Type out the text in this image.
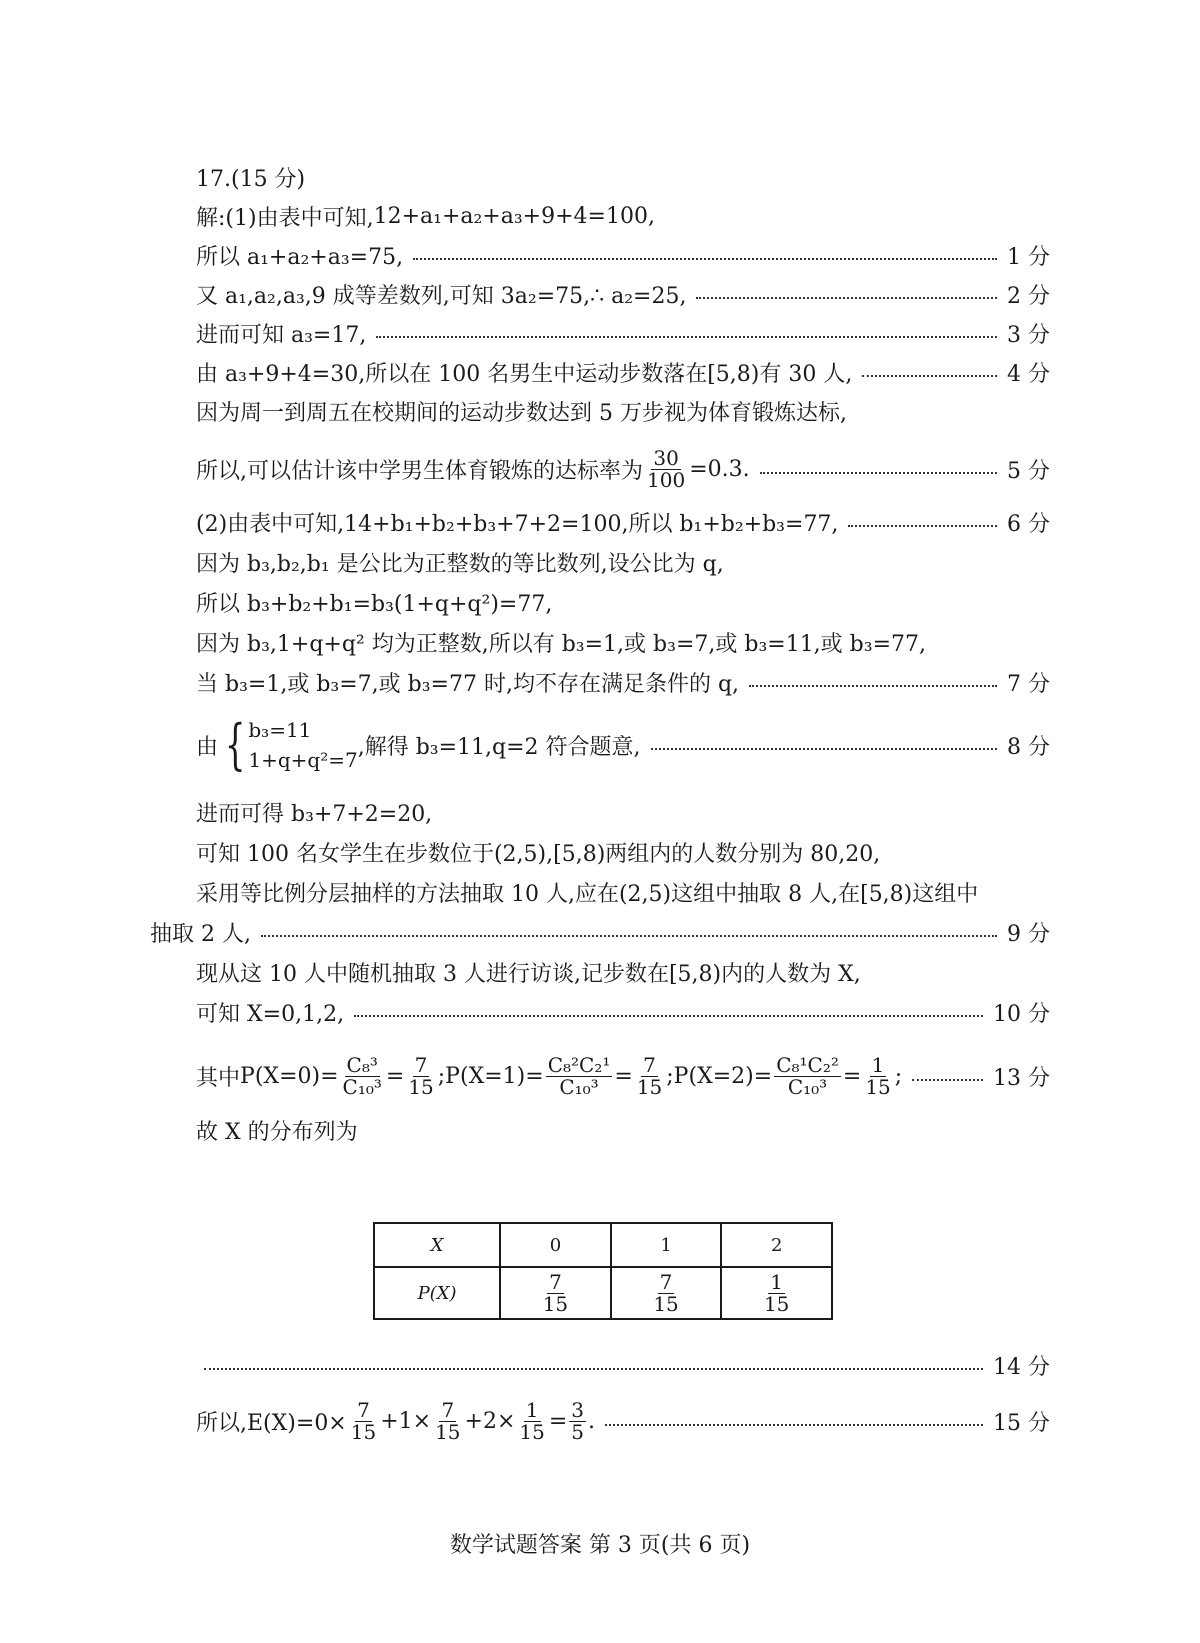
17.(15 分)
解:(1)由表中可知, 12+a₁+a₂+a₃+9+4=100,
所以 a₁+a₂+a₃=75,	1 分
又 a₁,a₂,a₃,9 成等差数列,可知 3a₂=75,∴ a₂=25,	2 分
进而可知 a₃=17,	3 分
由 a₃+9+4=30,所以在 100 名男生中运动步数落在[5,8)有 30 人,	4 分
因为周一到周五在校期间的运动步数达到 5 万步视为体育锻炼达标,
所以,可以估计该中学男生体育锻炼的达标率为 $\frac{30}{100} =0.3$.	5 分
(2)由表中可知,14+b₁+b₂+b₃+7+2=100,所以 b₁+b₂+b₃=77,	6 分
因为 b₃,b₂,b₁ 是公比为正整数的等比数列,设公比为 q,
所以 b₃+b₂+b₁=b₃(1+q+q²)=77,
因为 b₃,1+q+q² 均为正整数,所以有 b₃=1,或 b₃=7,或 b₃=11,或 b₃=77,
当 b₃=1,或 b₃=7,或 b₃=77 时,均不存在满足条件的 q,	7 分
由 { b₃=11
1+q+q²=7
,解得 b₃=11,q=2 符合题意,	8 分
进而可得 b₃+7+2=20,
可知 100 名女学生在步数位于(2,5),[5,8)两组内的人数分别为 80,20,
采用等比例分层抽样的方法抽取 10 人,应在(2,5)这组中抽取 8 人,在[5,8)这组中
抽取 2 人,	9 分
现从这 10 人中随机抽取 3 人进行访谈,记步数在[5,8)内的人数为 X,
可知 X=0,1,2,	10 分
其中 $P(X=0)= \frac{\text{C₈³}}{\text{C₁₀³}} = \frac{7}{15}$ ;P(X=1)= $\frac{\text{C₈²C₂¹}}{\text{C₁₀³}} = \frac{7}{15}$ ;P(X=2)= $\frac{\text{C₈¹C₂²}}{\text{C₁₀³}} = \frac{1}{15}$ ;	13 分
故 X 的分布列为
X	0	1	2
P(X)	$\frac{7}{15}$	$\frac{7}{15}$	$\frac{1}{15}$
14 分
所以$,E(X)=0\times \frac{7}{15} +1\times \frac{7}{15} +2\times \frac{1}{15} = \frac{3}{5}$ .	15 分
数学试题答案 第 3 页(共 6 页)
